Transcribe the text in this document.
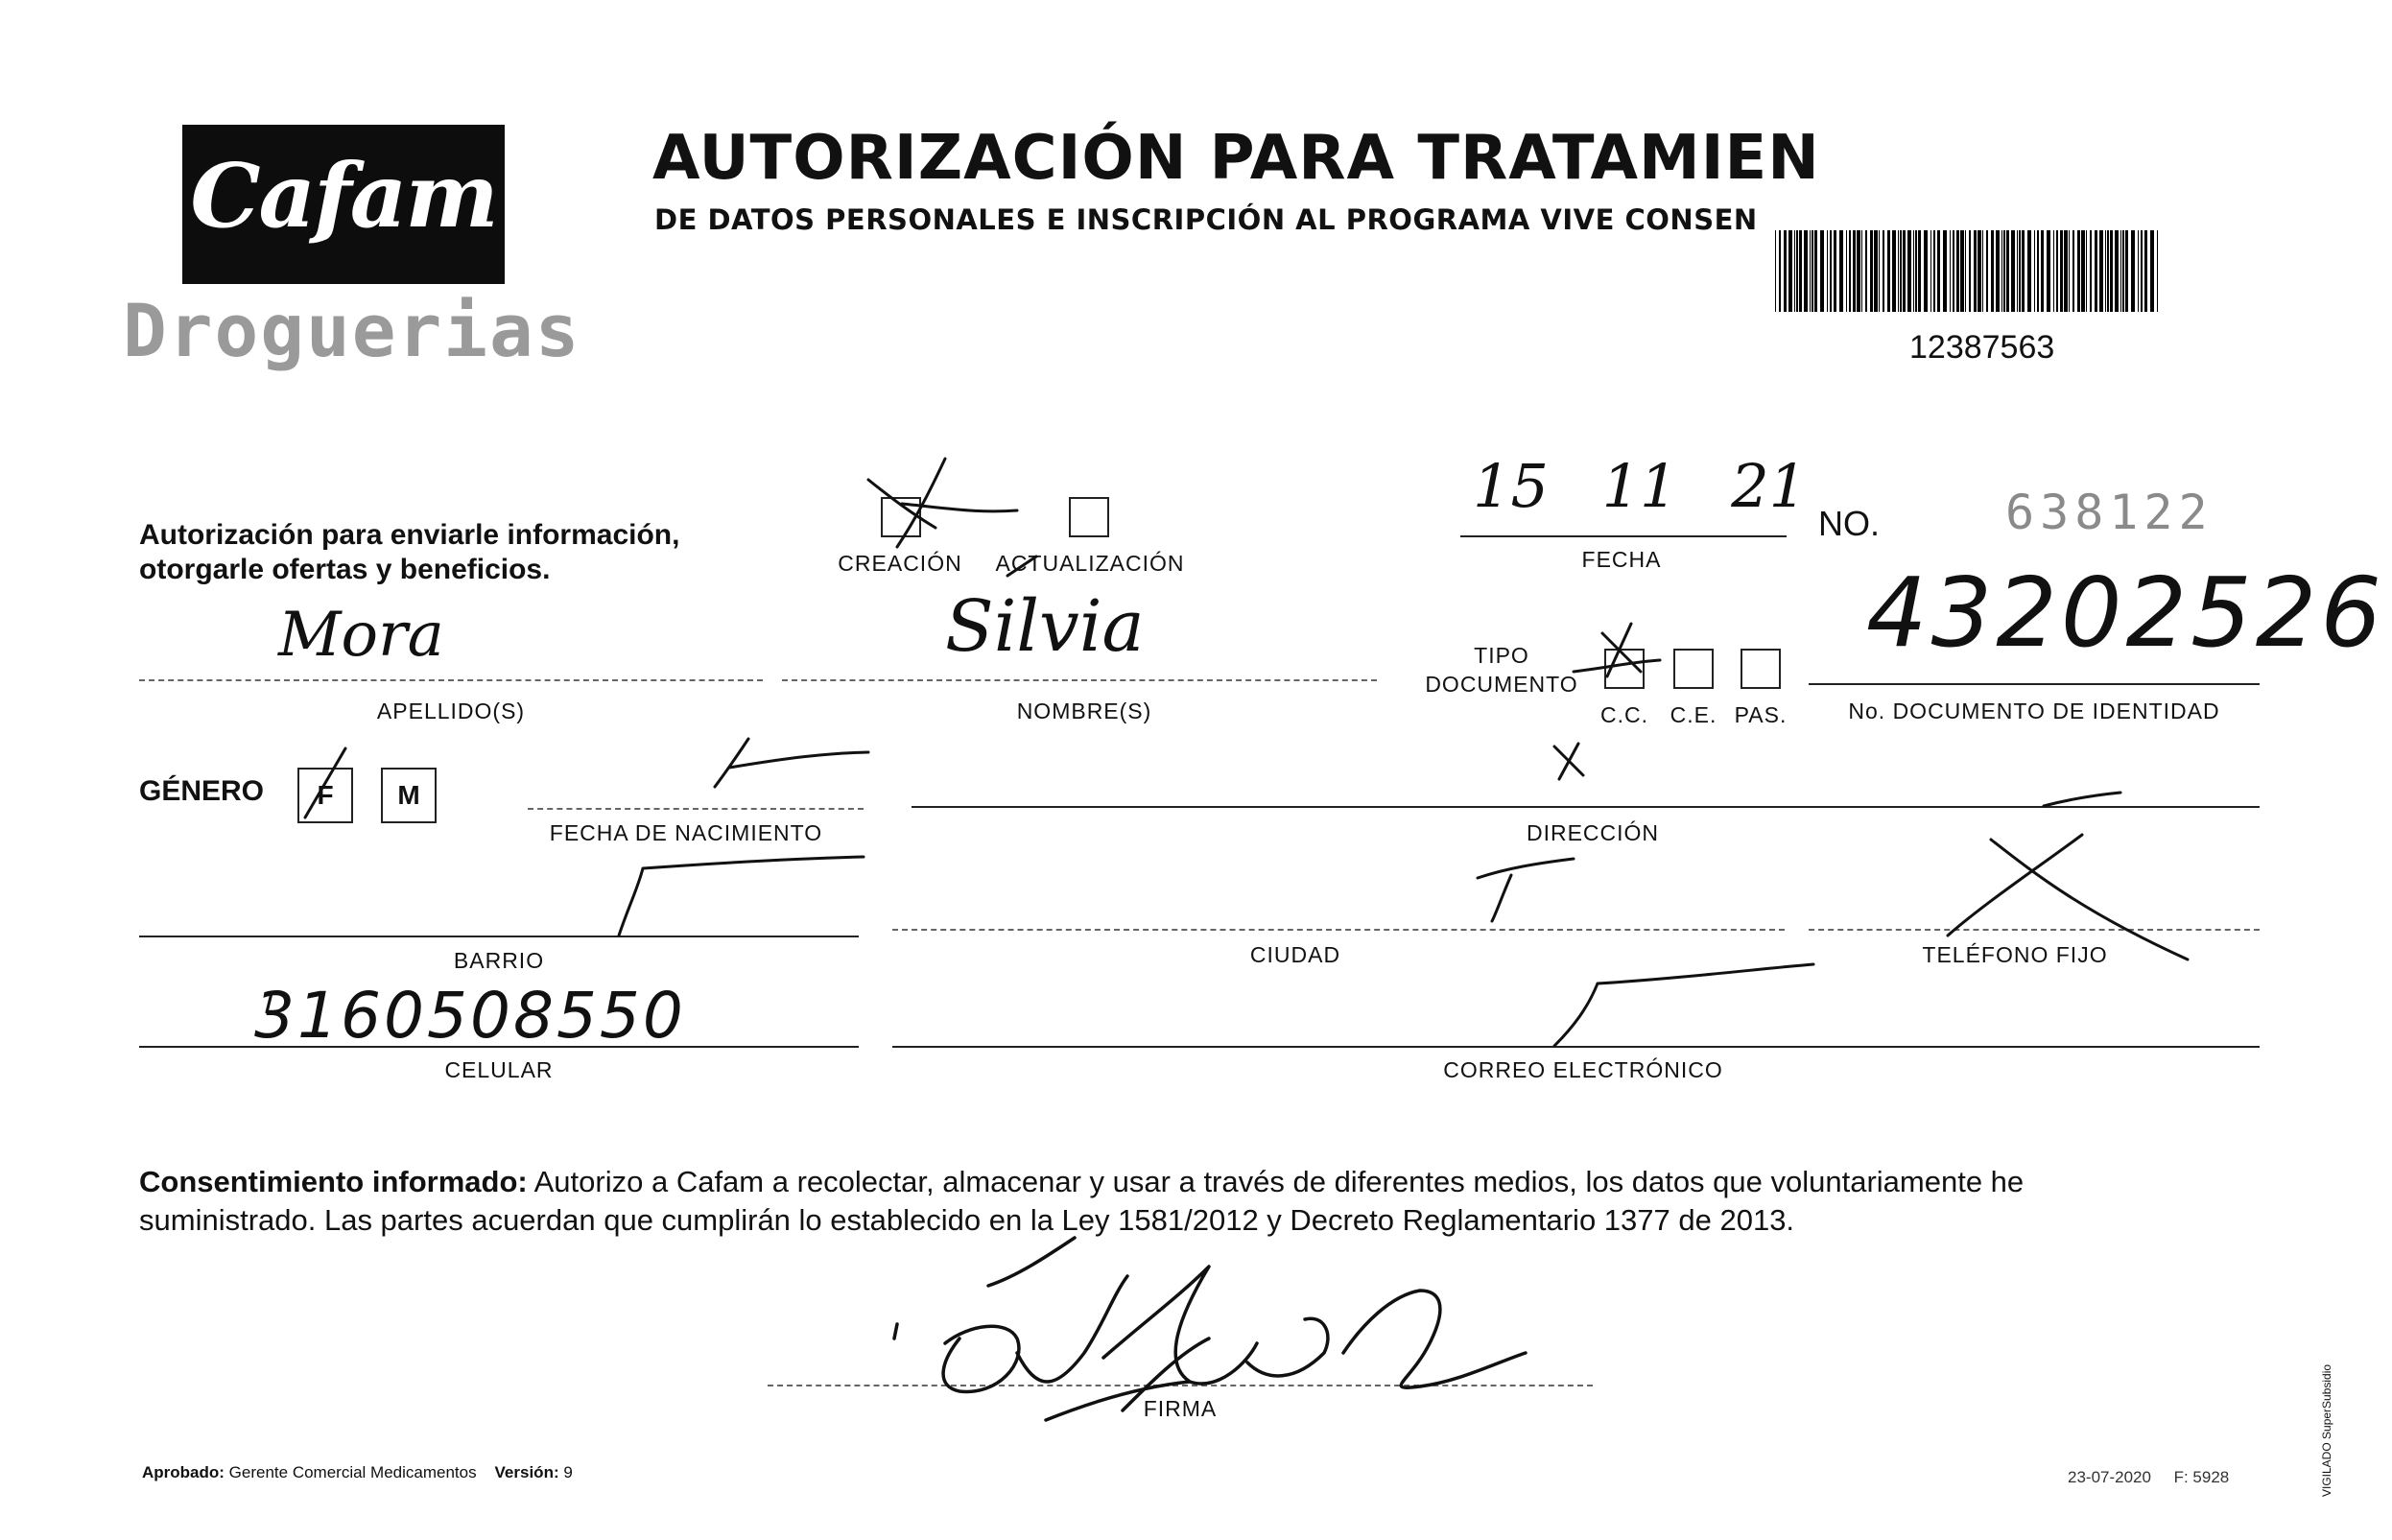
Cafam
Droguerias
AUTORIZACIÓN PARA TRATAMIEN
DE DATOS PERSONALES E INSCRIPCIÓN AL PROGRAMA VIVE CONSEN
12387563
Autorización para enviarle información,
otorgarle ofertas y beneficios.	CREACIÓN ACTUALIZACIÓN
15 11 21
FECHA
NO.	638122
Mora
APELLIDO(S)
Silvia
NOMBRE(S)
TIPO DOCUMENTO
C.C. C.E. PAS.
43202526
No. DOCUMENTO DE IDENTIDAD
GÉNERO	F	M
FECHA DE NACIMIENTO	DIRECCIÓN
BARRIO	CIUDAD	TELÉFONO FIJO
3160508550
CELULAR	CORREO ELECTRÓNICO
Consentimiento informado: Autorizo a Cafam a recolectar, almacenar y usar a través de diferentes medios, los datos que voluntariamente he
suministrado. Las partes acuerdan que cumplirán lo establecido en la Ley 1581/2012 y Decreto Reglamentario 1377 de 2013.
FIRMA
Aprobado: Gerente Comercial Medicamentos Versión: 9	23-07-2020 F: 5928	VIGILADO SuperSubsidio
